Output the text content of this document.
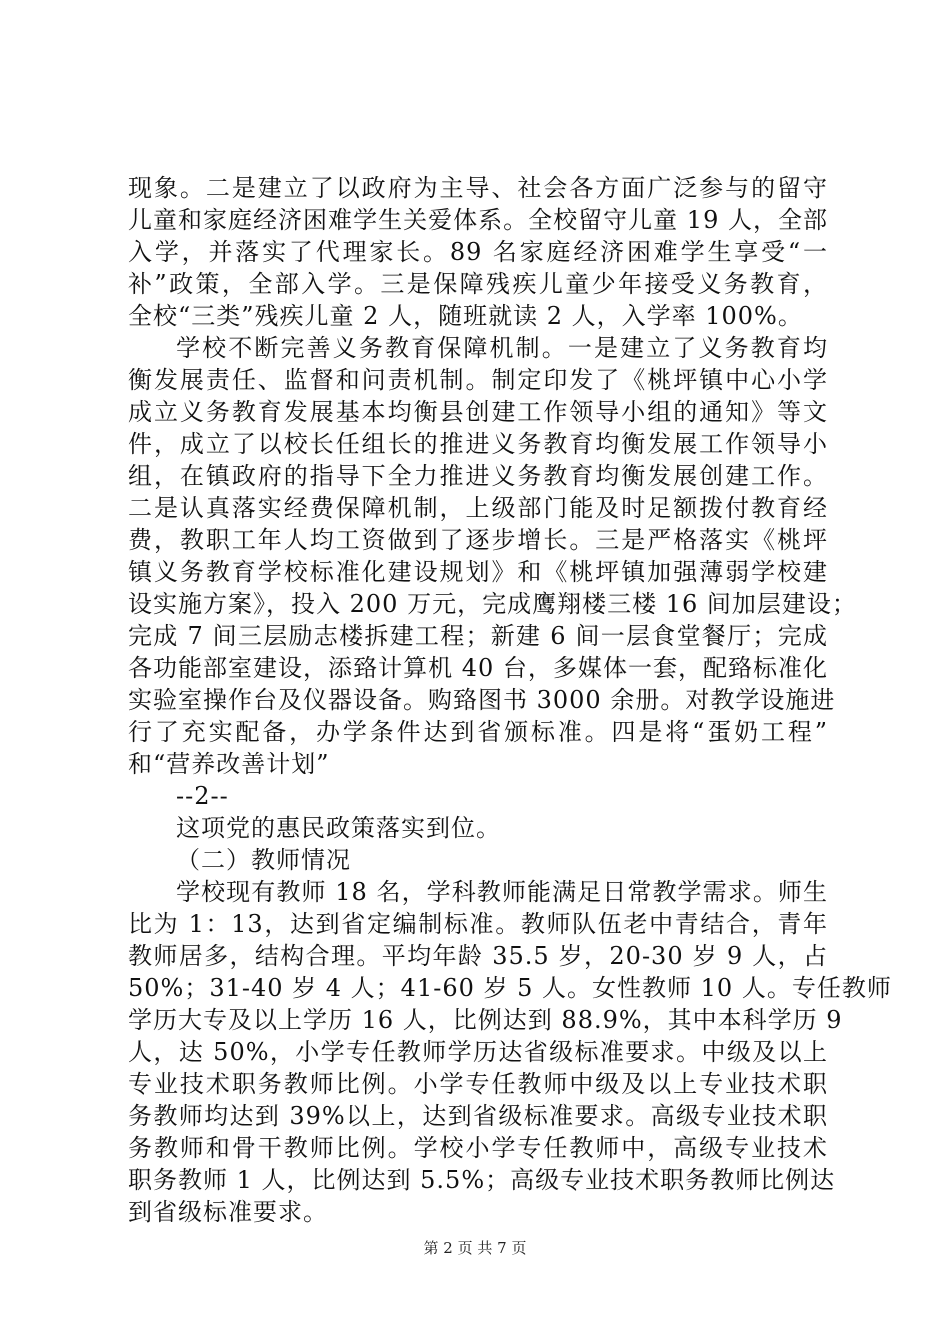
现象。二是建立了以政府为主导、社会各方面广泛参与的留守
儿童和家庭经济困难学生关爱体系。全校留守儿童 19 人，全部
入学，并落实了代理家长。89 名家庭经济困难学生享受“一
补”政策，全部入学。三是保障残疾儿童少年接受义务教育，
全校“三类”残疾儿童 2 人，随班就读 2 人，入学率 100%。
学校不断完善义务教育保障机制。一是建立了义务教育均
衡发展责任、监督和问责机制。制定印发了《桃坪镇中心小学
成立义务教育发展基本均衡县创建工作领导小组的通知》等文
件，成立了以校长任组长的推进义务教育均衡发展工作领导小
组，在镇政府的指导下全力推进义务教育均衡发展创建工作。
二是认真落实经费保障机制，上级部门能及时足额拨付教育经
费，教职工年人均工资做到了逐步增长。三是严格落实《桃坪
镇义务教育学校标准化建设规划》和《桃坪镇加强薄弱学校建
设实施方案》，投入 200 万元，完成鹰翔楼三楼 16 间加层建设；
完成 7 间三层励志楼拆建工程；新建 6 间一层食堂餐厅；完成
各功能部室建设，添臵计算机 40 台，多媒体一套，配臵标准化
实验室操作台及仪器设备。购臵图书 3000 余册。对教学设施进
行了充实配备，办学条件达到省颁标准。四是将“蛋奶工程”
和“营养改善计划”
--2--
这项党的惠民政策落实到位。
（二）教师情况
学校现有教师 18 名，学科教师能满足日常教学需求。师生
比为 1：13，达到省定编制标准。教师队伍老中青结合，青年
教师居多，结构合理。平均年龄 35.5 岁，20-30 岁 9 人，占
50%；31-40 岁 4 人；41-60 岁 5 人。女性教师 10 人。专任教师
学历大专及以上学历 16 人，比例达到 88.9%，其中本科学历 9
人，达 50%，小学专任教师学历达省级标准要求。中级及以上
专业技术职务教师比例。小学专任教师中级及以上专业技术职
务教师均达到 39%以上，达到省级标准要求。高级专业技术职
务教师和骨干教师比例。学校小学专任教师中，高级专业技术
职务教师 1 人，比例达到 5.5%；高级专业技术职务教师比例达
到省级标准要求。
第 2 页 共 7 页
